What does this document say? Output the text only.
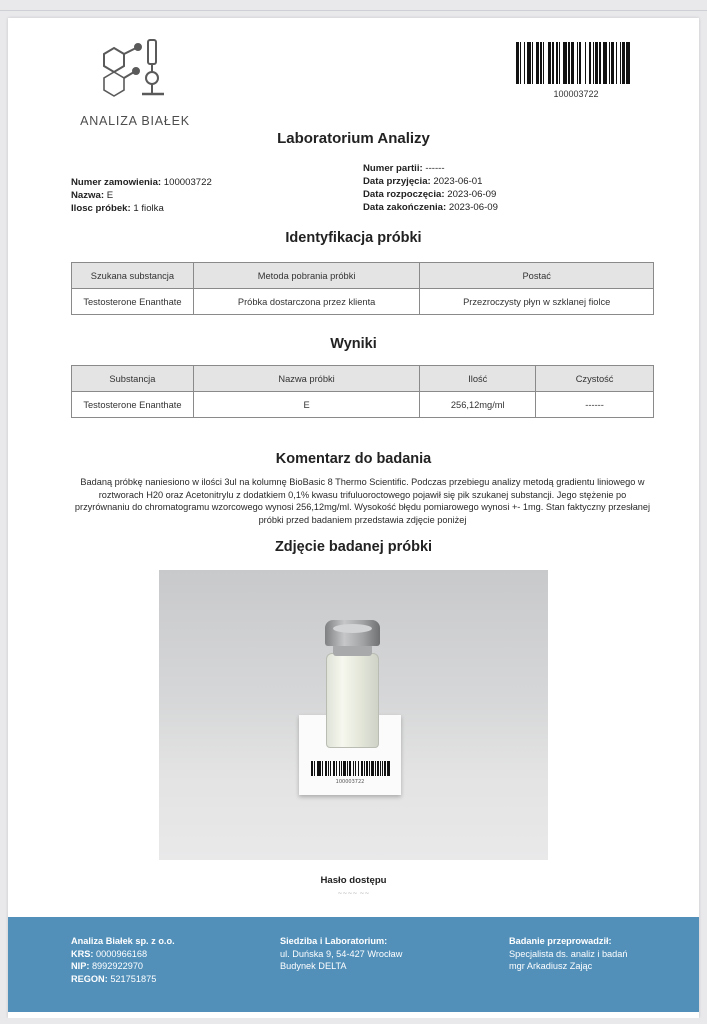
ANALIZA BIAŁEK
100003722
Laboratorium Analizy
Numer partii: ------
Data przyjęcia: 2023-06-01
Data rozpoczęcia: 2023-06-09
Data zakończenia: 2023-06-09
Numer zamowienia: 100003722
Nazwa: E
Ilosc próbek: 1 fiolka
Identyfikacja próbki
Szukana substancja	Metoda pobrania próbki	Postać
Testosterone Enanthate	Próbka dostarczona przez klienta	Przezroczysty płyn w szklanej fiolce
Wyniki
Substancja	Nazwa próbki	Ilość	Czystość
Testosterone Enanthate	E	256,12mg/ml	------
Komentarz do badania
Badaną próbkę naniesiono w ilości 3ul na kolumnę BioBasic 8 Thermo Scientific. Podczas przebiegu analizy metodą gradientu liniowego w roztworach H20 oraz Acetonitrylu z dodatkiem 0,1% kwasu trifuluoroctowego pojawił się pik szukanej substancji. Jego stężenie po przyrównaniu do chromatogramu wzorcowego wynosi 256,12mg/ml. Wysokość błędu pomiarowego wynosi +- 1mg. Stan faktyczny przesłanej próbki przed badaniem przedstawia zdjęcie poniżej
Zdjęcie badanej próbki
100003722
Hasło dostępu
~~~~ ~~
Analiza Białek sp. z o.o.
KRS: 0000966168
NIP: 8992922970
REGON: 521751875
Siedziba i Laboratorium:
ul. Duńska 9, 54-427 Wrocław
Budynek DELTA
Badanie przeprowadził:
Specjalista ds. analiz i badań
mgr Arkadiusz Zając
